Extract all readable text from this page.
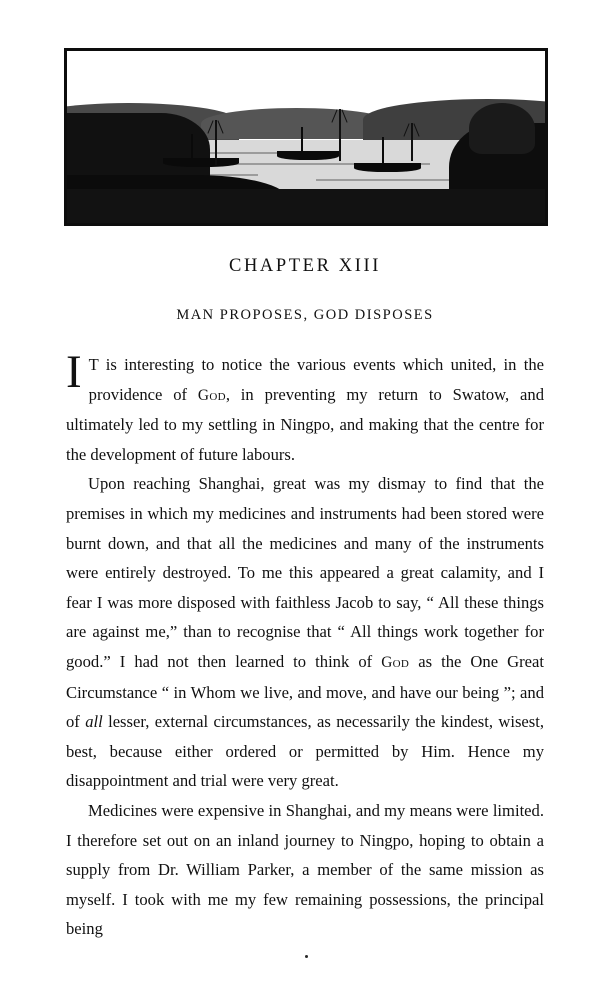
CHAPTER XIII
MAN PROPOSES, GOD DISPOSES

I T is interesting to notice the various events which united, in the providence of God, in preventing my return to Swatow, and ultimately led to my settling in Ningpo, and making that the centre for the development of future labours.

Upon reaching Shanghai, great was my dismay to find that the premises in which my medicines and instruments had been stored were burnt down, and that all the medicines and many of the instruments were entirely destroyed. To me this appeared a great calamity, and I fear I was more disposed with faithless Jacob to say, “ All these things are against me,” than to recognise that “ All things work together for good.” I had not then learned to think of God as the One Great Circumstance “ in Whom we live, and move, and have our being ”; and of all lesser, external circumstances, as necessarily the kindest, wisest, best, because either ordered or permitted by Him. Hence my disappointment and trial were very great.

Medicines were expensive in Shanghai, and my means were limited. I therefore set out on an inland journey to Ningpo, hoping to obtain a supply from Dr. William Parker, a member of the same mission as myself. I took with me my few remaining possessions, the principal being
